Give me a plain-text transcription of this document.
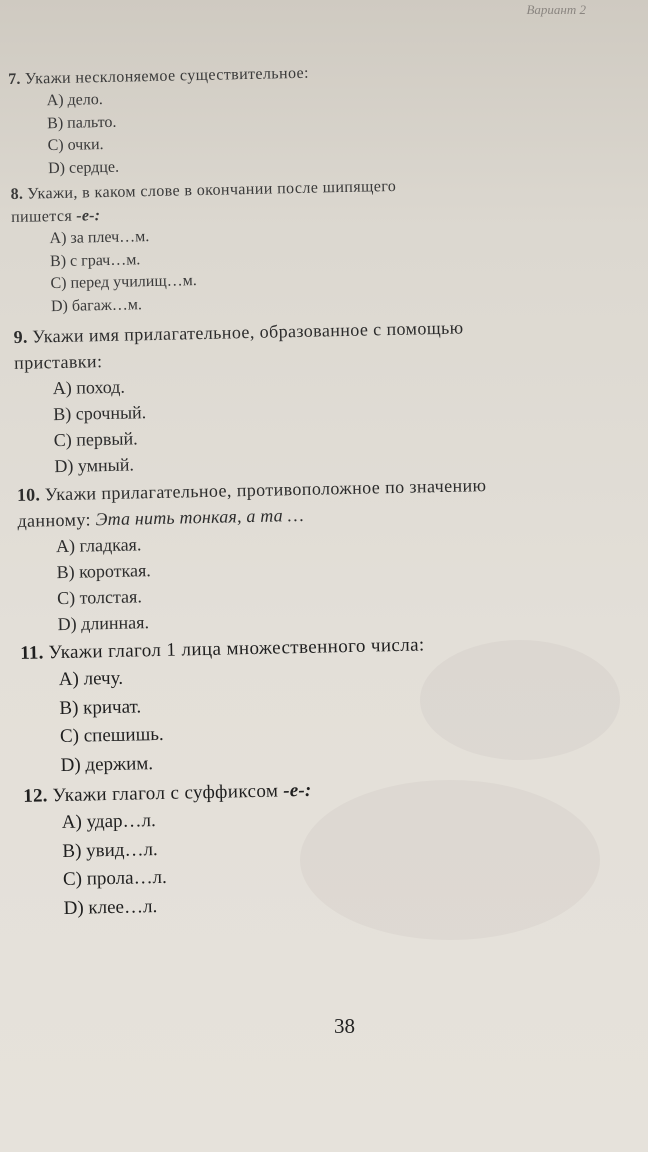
Вариант 2

7. Укажи несклоняемое существительное:

A) дело.

B) пальто.

C) очки.

D) сердце.

8. Укажи, в каком слове в окончании после шипящего

пишется -е-:

A) за плеч…м.

B) с грач…м.

C) перед училищ…м.

D) багаж…м.

9. Укажи имя прилагательное, образованное с помощью

приставки:

A) поход.

B) срочный.

C) первый.

D) умный.

10. Укажи прилагательное, противоположное по значению

данному: Эта нить тонкая, а та …

A) гладкая.

B) короткая.

C) толстая.

D) длинная.

11. Укажи глагол 1 лица множественного числа:

A) лечу.

B) кричат.

C) спешишь.

D) держим.

12. Укажи глагол с суффиксом -е-:

A) удар…л.

B) увид…л.

C) прола…л.

D) клее…л.

38
